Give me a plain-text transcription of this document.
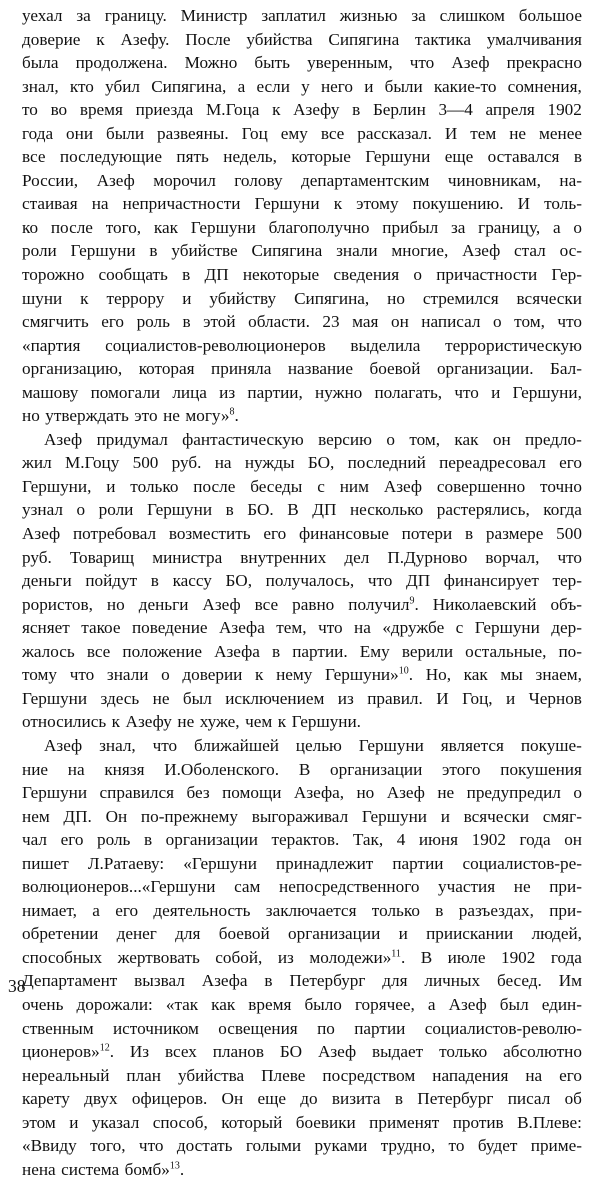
уехал за границу. Министр заплатил жизнью за слишком большое
доверие к Азефу. После убийства Сипягина тактика умалчивания
была продолжена. Можно быть уверенным, что Азеф прекрасно
знал, кто убил Сипягина, а если у него и были какие-то сомнения,
то во время приезда М.Гоца к Азефу в Берлин 3—4 апреля 1902
года они были развеяны. Гоц ему все рассказал. И тем не менее
все последующие пять недель, которые Гершуни еще оставался в
России, Азеф морочил голову департаментским чиновникам, на-
стаивая на непричастности Гершуни к этому покушению. И толь-
ко после того, как Гершуни благополучно прибыл за границу, а о
роли Гершуни в убийстве Сипягина знали многие, Азеф стал ос-
торожно сообщать в ДП некоторые сведения о причастности Гер-
шуни к террору и убийству Сипягина, но стремился всячески
смягчить его роль в этой области. 23 мая он написал о том, что
«партия социалистов-революционеров выделила террористическую
организацию, которая приняла название боевой организации. Бал-
машову помогали лица из партии, нужно полагать, что и Гершуни,
но утверждать это не могу»$^8$.
Азеф придумал фантастическую версию о том, как он предло-
жил М.Гоцу 500 руб. на нужды БО, последний переадресовал его
Гершуни, и только после беседы с ним Азеф совершенно точно
узнал о роли Гершуни в БО. В ДП несколько растерялись, когда
Азеф потребовал возместить его финансовые потери в размере 500
руб. Товарищ министра внутренних дел П.Дурново ворчал, что
деньги пойдут в кассу БО, получалось, что ДП финансирует тер-
рористов, но деньги Азеф все равно получил$^9$. Николаевский объ-
ясняет такое поведение Азефа тем, что на «дружбе с Гершуни дер-
жалось все положение Азефа в партии. Ему верили остальные, по-
тому что знали о доверии к нему Гершуни»$^{10}$. Но, как мы знаем,
Гершуни здесь не был исключением из правил. И Гоц, и Чернов
относились к Азефу не хуже, чем к Гершуни.
Азеф знал, что ближайшей целью Гершуни является покуше-
ние на князя И.Оболенского. В организации этого покушения
Гершуни справился без помощи Азефа, но Азеф не предупредил о
нем ДП. Он по-прежнему выгораживал Гершуни и всячески смяг-
чал его роль в организации терактов. Так, 4 июня 1902 года он
пишет Л.Ратаеву: «Гершуни принадлежит партии социалистов-ре-
волюционеров...«Гершуни сам непосредственного участия не при-
нимает, а его деятельность заключается только в разъездах, при-
обретении денег для боевой организации и приискании людей,
способных жертвовать собой, из молодежи»$^{11}$. В июле 1902 года
Департамент вызвал Азефа в Петербург для личных бесед. Им
очень дорожали: «так как время было горячее, а Азеф был един-
ственным источником освещения по партии социалистов-револю-
ционеров»$^{12}$. Из всех планов БО Азеф выдает только абсолютно
нереальный план убийства Плеве посредством нападения на его
карету двух офицеров. Он еще до визита в Петербург писал об
этом и указал способ, который боевики применят против В.Плеве:
«Ввиду того, что достать голыми руками трудно, то будет приме-
нена система бомб»$^{13}$.
38
